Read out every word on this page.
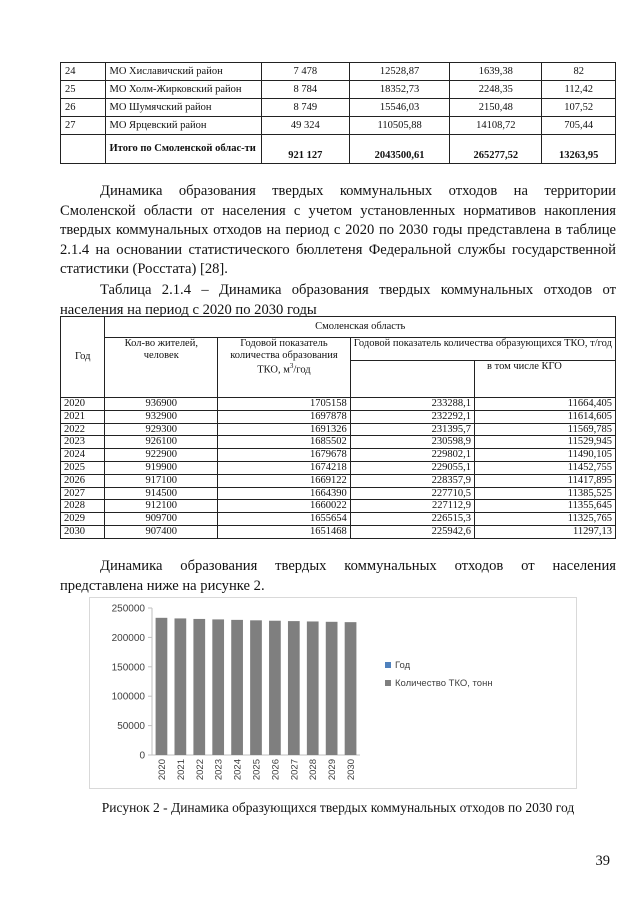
24	МО Хиславичский район	7 478	12528,87	1639,38	82
25	МО Холм-Жирковский район	8 784	18352,73	2248,35	112,42
26	МО Шумячский район	8 749	15546,03	2150,48	107,52
27	МО Ярцевский район	49 324	110505,88	14108,72	705,44
	Итого по Смоленской облас-ти	921 127	2043500,61	265277,52	13263,95

Динамика образования твердых коммунальных отходов на территории Смоленской области от населения с учетом установленных нормативов накопления твердых коммунальных отходов на период с 2020 по 2030 годы представлена в таблице 2.1.4 на основании статистического бюллетеня Федеральной службы государственной статистики (Росстата) [28].

Таблица 2.1.4 – Динамика образования твердых коммунальных отходов от населения на период с 2020 по 2030 годы

Год	Смоленская область			
	Кол-во жителей, человек	Годовой показатель количества образования ТКО, $м^3$/год	Годовой показатель количества образующихся ТКО, т/год	
				в том числе КГО
2020	936900	1705158	233288,1	11664,405
2021	932900	1697878	232292,1	11614,605
2022	929300	1691326	231395,7	11569,785
2023	926100	1685502	230598,9	11529,945
2024	922900	1679678	229802,1	11490,105
2025	919900	1674218	229055,1	11452,755
2026	917100	1669122	228357,9	11417,895
2027	914500	1664390	227710,5	11385,525
2028	912100	1660022	227112,9	11355,645
2029	909700	1655654	226515,3	11325,765
2030	907400	1651468	225942,6	11297,13

Динамика образования твердых коммунальных отходов от населения представлена ниже на рисунке 2.

0
50000
100000
150000
200000
250000
2020 2021 2022 2023 2024 2025 2026 2027 2028 2029 2030
Год
Количество ТКО, тонн
Рисунок 2 - Динамика образующихся твердых коммунальных отходов по 2030 год
39
